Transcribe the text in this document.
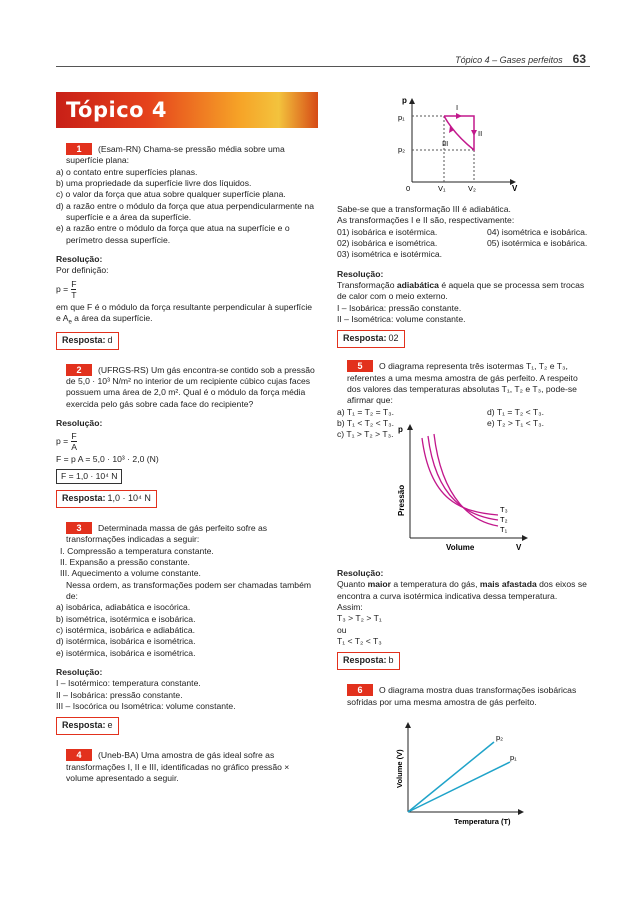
Tópico 4 – Gases perfeitos 63
Tópico 4

1 (Esam-RN) Chama-se pressão média sobre uma superfície plana:

a) o contato entre superfícies planas.

b) uma propriedade da superfície livre dos líquidos.

c) o valor da força que atua sobre qualquer superfície plana.

d) a razão entre o módulo da força que atua perpendicularmente na superfície e a área da superfície.

e) a razão entre o módulo da força que atua na superfície e o perímetro dessa superfície.

Resolução:

Por definição:

$p = \frac{F}{T}$

em que F é o módulo da força resultante perpendicular à superfície e $A_e$ a área da superfície.

Resposta: d

2 (UFRGS-RS) Um gás encontra-se contido sob a pressão de 5,0 · 10³ N/m² no interior de um recipiente cúbico cujas faces possuem uma área de 2,0 m². Qual é o módulo da força média exercida pelo gás sobre cada face do recipiente?

Resolução:

$p = \frac{F}{A}$

F = p A = 5,0 · 10³ · 2,0 (N)

F = 1,0 · 10⁴ N

Resposta: 1,0 · 10⁴ N

3 Determinada massa de gás perfeito sofre as transformações indicadas a seguir:

I. Compressão a temperatura constante.

II. Expansão a pressão constante.

III. Aquecimento a volume constante.

Nessa ordem, as transformações podem ser chamadas também de:

a) isobárica, adiabática e isocórica.

b) isométrica, isotérmica e isobárica.

c) isotérmica, isobárica e adiabática.

d) isotérmica, isobárica e isométrica.

e) isotérmica, isobárica e isométrica.

Resolução:

I – Isotérmico: temperatura constante.

II – Isobárica: pressão constante.

III – Isocórica ou Isométrica: volume constante.

Resposta: e

4 (Uneb-BA) Uma amostra de gás ideal sofre as transformações I, II e III, identificadas no gráfico pressão × volume apresentado a seguir.

p
V
0
p₁
p₂
V₁	V₂
I
II
III

Sabe-se que a transformação III é adiabática.

As transformações I e II são, respectivamente:

01) isobárica e isotérmica.	04) isométrica e isobárica.

02) isobárica e isométrica.	05) isotérmica e isobárica.

03) isométrica e isotérmica.

Resolução:

Transformação adiabática é aquela que se processa sem trocas de calor com o meio externo.

I – Isobárica: pressão constante.

II – Isométrica: volume constante.

Resposta: 02

5 O diagrama representa três isotermas T₁, T₂ e T₃, referentes a uma mesma amostra de gás perfeito. A respeito dos valores das temperaturas absolutas T₁, T₂ e T₃, pode-se afirmar que:

a) T₁ = T₂ = T₃.	d) T₁ = T₂ < T₃.

b) T₁ < T₂ < T₃.	e) T₂ > T₁ < T₃.

c) T₁ > T₂ > T₃. p
V
Volume
Pressão	T₃
T₂
T₁

Resolução:

Quanto maior a temperatura do gás, mais afastada dos eixos se encontra a curva isotérmica indicativa dessa temperatura.

Assim:

T₃ > T₂ > T₁

ou

T₁ < T₂ < T₃

Resposta: b

6 O diagrama mostra duas transformações isobáricas sofridas por uma mesma amostra de gás perfeito.

Volume (V)
Temperatura (T)
p₂
p₁
